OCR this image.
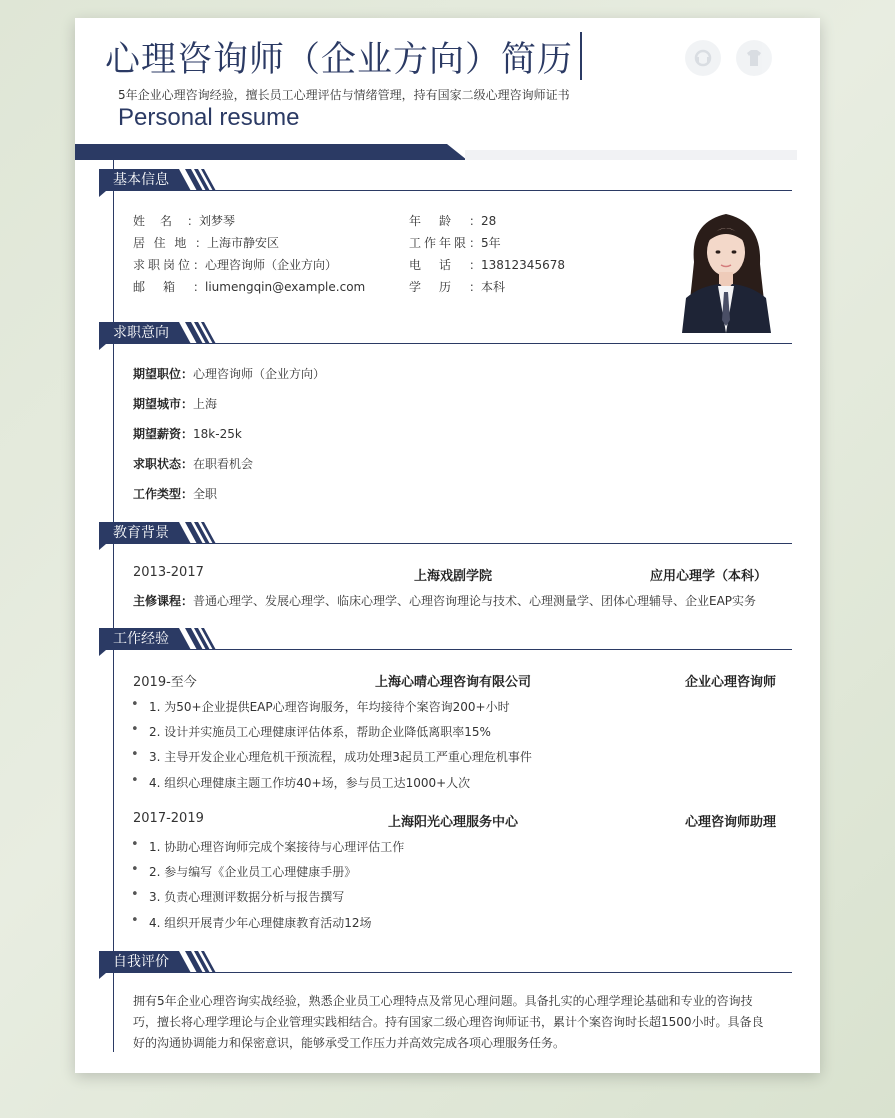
心理咨询师（企业方向）简历
5年企业心理咨询经验，擅长员工心理评估与情绪管理，持有国家二级心理咨询师证书
Personal resume
基本信息
姓名：刘梦琴
居住地：上海市静安区
求职岗位：心理咨询师（企业方向）
邮箱：liumengqin@example.com
年龄：28
工作年限：5年
电话：13812345678
学历：本科
求职意向
期望职位：心理咨询师（企业方向）
期望城市：上海
期望薪资：18k-25k
求职状态：在职看机会
工作类型：全职
教育背景
2013-2017	上海戏剧学院	应用心理学（本科）
主修课程：普通心理学、发展心理学、临床心理学、心理咨询理论与技术、心理测量学、团体心理辅导、企业EAP实务
工作经验
2019-至今	上海心晴心理咨询有限公司	企业心理咨询师
• 1. 为50+企业提供EAP心理咨询服务，年均接待个案咨询200+小时
• 2. 设计并实施员工心理健康评估体系，帮助企业降低离职率15%
• 3. 主导开发企业心理危机干预流程，成功处理3起员工严重心理危机事件
• 4. 组织心理健康主题工作坊40+场，参与员工达1000+人次
2017-2019	上海阳光心理服务中心	心理咨询师助理
• 1. 协助心理咨询师完成个案接待与心理评估工作
• 2. 参与编写《企业员工心理健康手册》
• 3. 负责心理测评数据分析与报告撰写
• 4. 组织开展青少年心理健康教育活动12场
自我评价
拥有5年企业心理咨询实战经验，熟悉企业员工心理特点及常见心理问题。具备扎实的心理学理论基础和专业的咨询技巧，擅长将心理学理论与企业管理实践相结合。持有国家二级心理咨询师证书，累计个案咨询时长超1500小时。具备良好的沟通协调能力和保密意识，能够承受工作压力并高效完成各项心理服务任务。
